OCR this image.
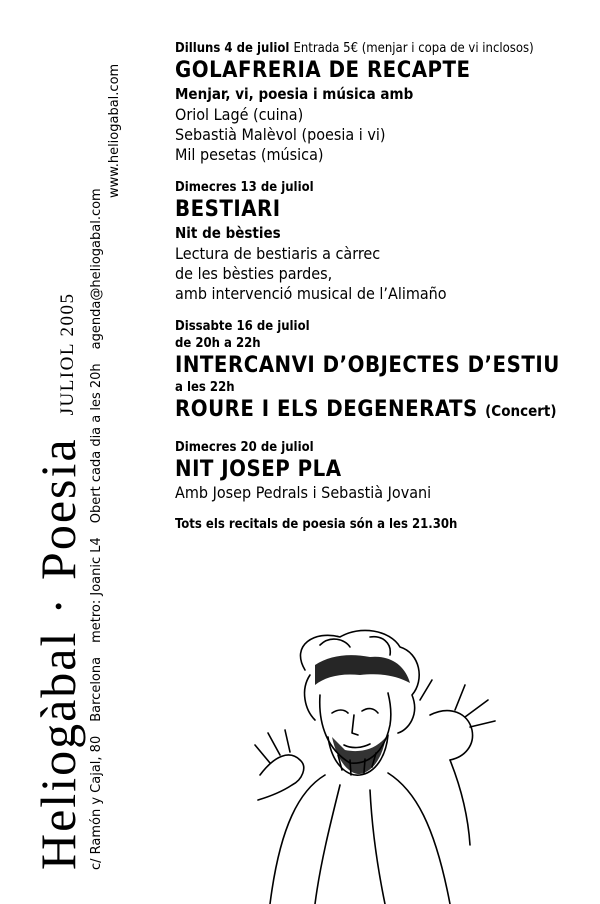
Heliogàbal
·
Poesia
JULIOL 2005
c/ Ramón y Cajal, 80
Barcelona
metro: Joanic L4
Obert cada dia a les 20h
agenda@heliogabal.com
www.heliogabal.com
Dilluns 4 de juliol Entrada 5€ (menjar i copa de vi inclosos)
GOLAFRERIA DE RECAPTE
Menjar, vi, poesia i música amb
Oriol Lagé (cuina)
Sebastià Malèvol (poesia i vi)
Mil pesetas (música)
Dimecres 13 de juliol
BESTIARI
Nit de bèsties
Lectura de bestiaris a càrrec
de les bèsties pardes,
amb intervenció musical de l’Alimaño
Dissabte 16 de juliol
de 20h a 22h
INTERCANVI D’OBJECTES D’ESTIU
a les 22h
ROURE I ELS DEGENERATS (Concert)
Dimecres 20 de juliol
NIT JOSEP PLA
Amb Josep Pedrals i Sebastià Jovani
Tots els recitals de poesia són a les 21.30h
